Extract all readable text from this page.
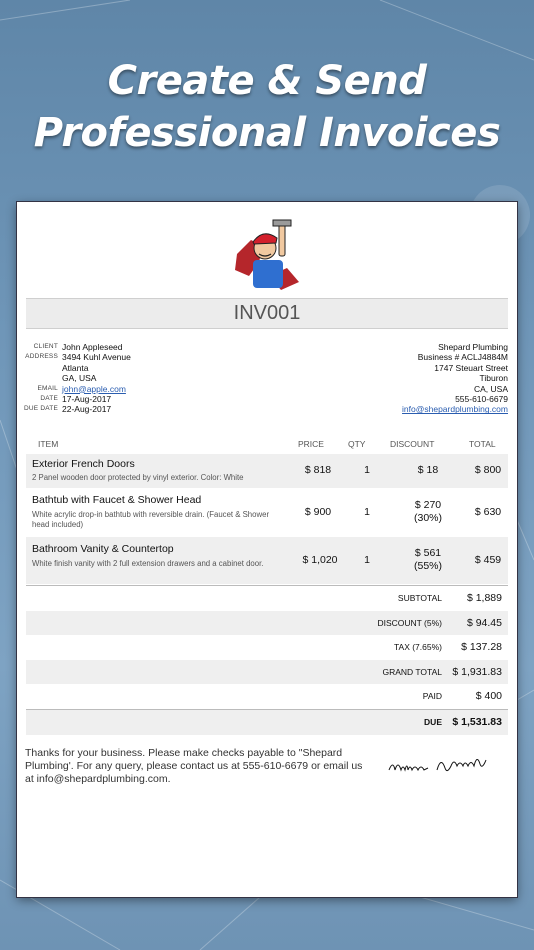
Create & Send
Professional Invoices
INV001
CLIENT John Appleseed
ADDRESS 3494 Kuhl Avenue
Atlanta
GA, USA
EMAIL john@apple.com
DATE 17-Aug-2017
DUE DATE 22-Aug-2017
Shepard Plumbing
Business # ACLJ4884M
1747 Steuart Street
Tiburon
CA, USA
555-610-6679
info@shepardplumbing.com
ITEM	PRICE	QTY	DISCOUNT	TOTAL
Exterior French Doors
2 Panel wooden door protected by vinyl exterior. Color: White
$ 818	1	$ 18	$ 800
Bathtub with Faucet & Shower Head
White acrylic drop-in bathtub with reversible drain. (Faucet & Shower head included)
$ 900	1
$ 270
(30%)	$ 630
Bathroom Vanity & Countertop
White finish vanity with 2 full extension drawers and a cabinet door.	$ 1,020	1
$ 561
(55%)	$ 459
SUBTOTAL $ 1,889
DISCOUNT (5%) $ 94.45
TAX (7.65%) $ 137.28
GRAND TOTAL $ 1,931.83
PAID	$ 400
DUE $ 1,531.83
Thanks for your business. Please make checks payable to "Shepard Plumbing'. For any query, please contact us at 555-610-6679 or email us at info@shepardplumbing.com.
